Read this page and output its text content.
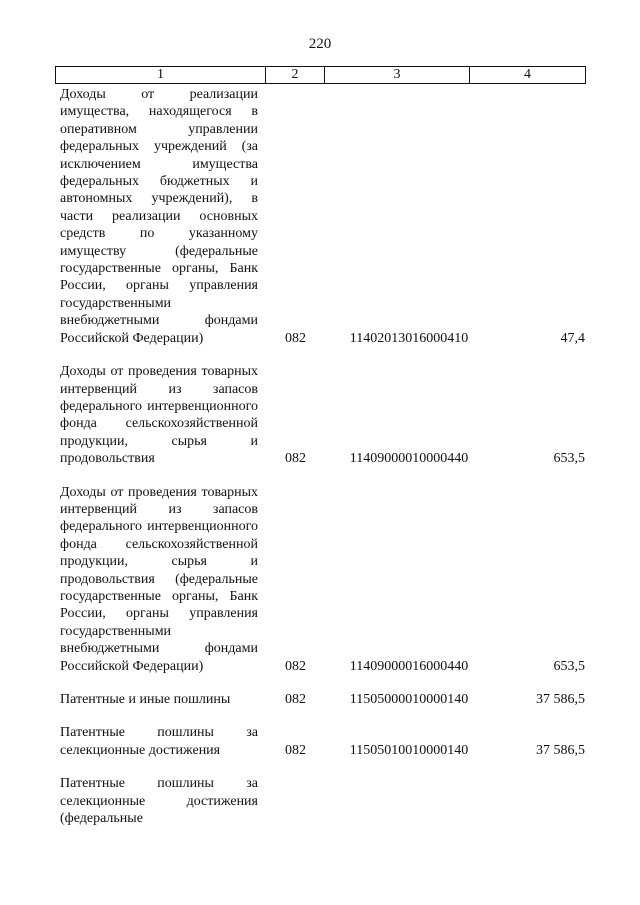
220
1	2	3	4
Доходы от реализации имущества, находящегося в оперативном управлении федеральных учреждений (за исключением имущества федеральных бюджетных и автономных учреждений), в части реализации основных средств по указанному имуществу (федеральные государственные органы, Банк России, органы управления государственными внебюджетными фондами Российской Федерации)	082	11402013016000410	47,4
Доходы от проведения товарных интервенций из запасов федерального интервенционного фонда сельскохозяйственной продукции, сырья и продовольствия	082	11409000010000440	653,5
Доходы от проведения товарных интервенций из запасов федерального интервенционного фонда сельскохозяйственной продукции, сырья и продовольствия (федеральные государственные органы, Банк России, органы управления государственными внебюджетными фондами Российской Федерации)	082	11409000016000440	653,5
Патентные и иные пошлины	082	11505000010000140	37 586,5
Патентные пошлины за селекционные достижения	082	11505010010000140	37 586,5
Патентные пошлины за селекционные достижения
(федеральные
